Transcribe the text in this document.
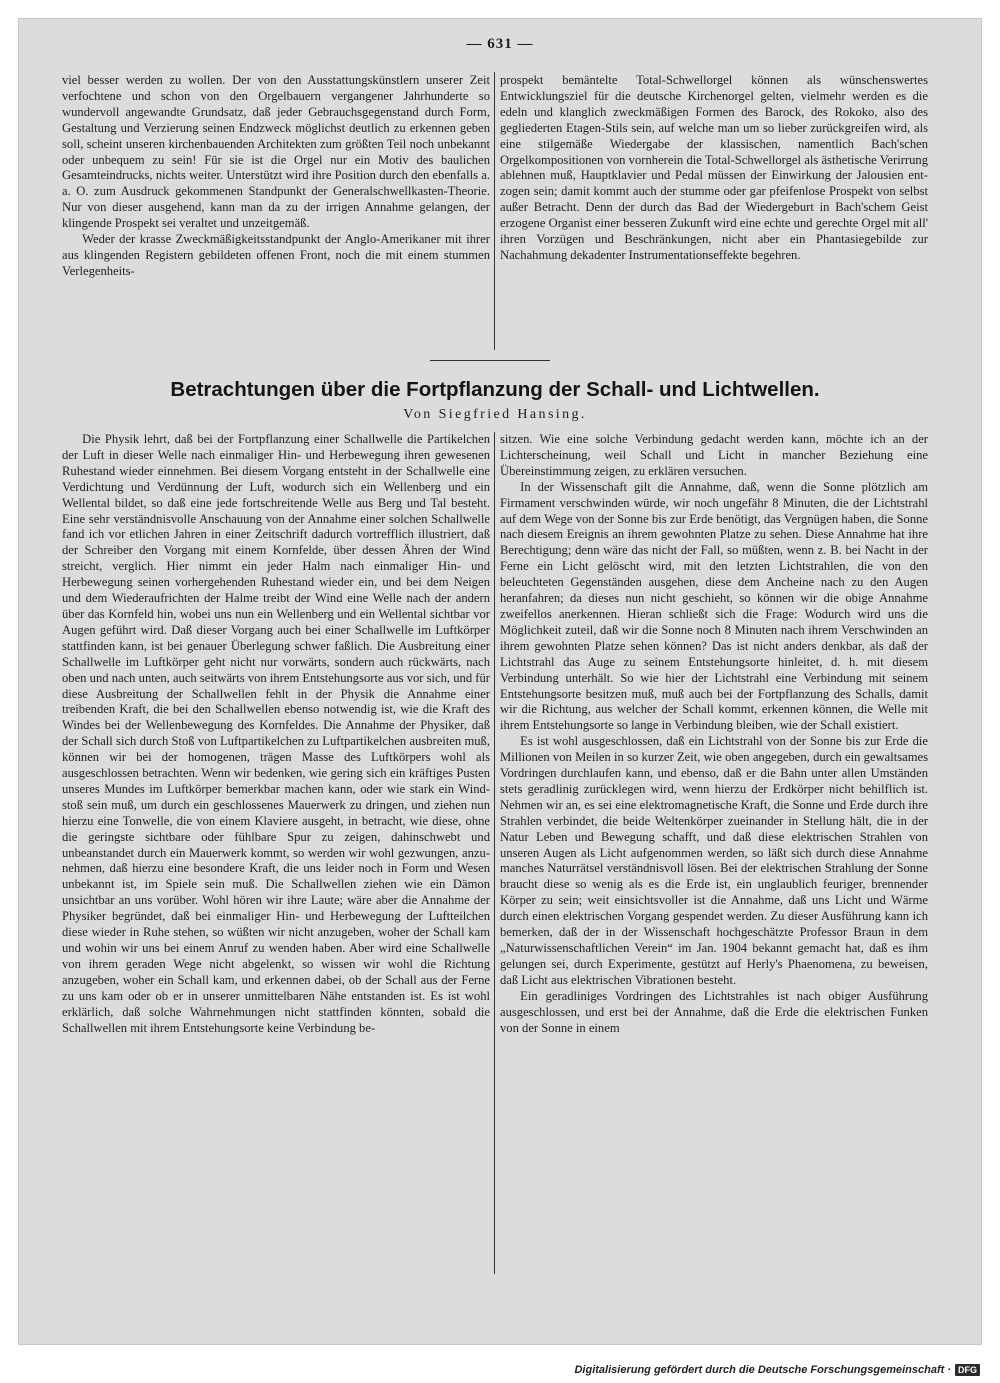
— 631 —

viel besser werden zu wollen. Der von den Ausstattungskünstlern unserer Zeit verfochtene und schon von den Orgelbauern vergangener Jahrhunderte so wundervoll angewandte Grundsatz, daß jeder Gebrauchsgegenstand durch Form, Gestaltung und Verzierung seinen Endzweck möglichst deutlich zu erkennen geben soll, scheint unseren kirchenbauenden Architekten zum größten Teil noch unbekannt oder unbequem zu sein! Für sie ist die Orgel nur ein Motiv des baulichen Gesamteindrucks, nichts weiter. Unterstützt wird ihre Position durch den ebenfalls a. a. O. zum Ausdruck gekommenen Standpunkt der Generalschwellkasten-Theorie. Nur von dieser ausgehend, kann man da zu der irrigen Annahme gelangen, der klingende Prospekt sei veraltet und unzeitgemäß.

Weder der krasse Zweckmäßigkeitsstandpunkt der Anglo-Amerikaner mit ihrer aus klingenden Registern gebildeten offenen Front, noch die mit einem stummen Verlegenheits-

prospekt bemäntelte Total-Schwellorgel können als wünschenswertes Entwicklungsziel für die deutsche Kirchenorgel gelten, vielmehr werden es die edeln und klanglich zweckmäßigen Formen des Barock, des Rokoko, also des gegliederten Etagen-Stils sein, auf welche man um so lieber zurückgreifen wird, als eine stilgemäße Wiedergabe der klassischen, namentlich Bach'schen Orgelkompositionen von vornherein die Total-Schwellorgel als ästhetische Verirrung ablehnen muß, Hauptklavier und Pedal müssen der Einwirkung der Jalousien entzogen sein; damit kommt auch der stumme oder gar pfeifenlose Prospekt von selbst außer Betracht. Denn der durch das Bad der Wiedergeburt in Bach'schem Geist erzogene Organist einer besseren Zukunft wird eine echte und gerechte Orgel mit all' ihren Vorzügen und Beschränkungen, nicht aber ein Phantasiegebilde zur Nachahmung dekadenter Instrumentationseffekte begehren.

Betrachtungen über die Fortpflanzung der Schall- und Lichtwellen.
Von Siegfried Hansing.

Die Physik lehrt, daß bei der Fortpflanzung einer Schallwelle die Partikelchen der Luft in dieser Welle nach einmaliger Hin- und Herbewegung ihren gewesenen Ruhestand wieder einnehmen. Bei diesem Vorgang entsteht in der Schallwelle eine Verdichtung und Verdünnung der Luft, wodurch sich ein Wellenberg und ein Wellental bildet, so daß eine jede fortschreitende Welle aus Berg und Tal besteht. Eine sehr verständnisvolle Anschauung von der Annahme einer solchen Schallwelle fand ich vor etlichen Jahren in einer Zeitschrift dadurch vortrefflich illustriert, daß der Schreiber den Vorgang mit einem Kornfelde, über dessen Ähren der Wind streicht, verglich. Hier nimmt ein jeder Halm nach einmaliger Hin- und Herbewegung seinen vorhergehenden Ruhestand wieder ein, und bei dem Neigen und dem Wiederaufrichten der Halme treibt der Wind eine Welle nach der andern über das Kornfeld hin, wobei uns nun ein Wellenberg und ein Wellental sichtbar vor Augen geführt wird. Daß dieser Vorgang auch bei einer Schallwelle im Luftkörper stattfinden kann, ist bei genauer Überlegung schwer faßlich. Die Ausbreitung einer Schallwelle im Luftkörper geht nicht nur vorwärts, sondern auch rückwärts, nach oben und nach unten, auch seitwärts von ihrem Entstehungsorte aus vor sich, und für diese Ausbreitung der Schallwellen fehlt in der Physik die Annahme einer treibenden Kraft, die bei den Schallwellen ebenso notwendig ist, wie die Kraft des Windes bei der Wellenbewegung des Kornfeldes. Die Annahme der Physiker, daß der Schall sich durch Stoß von Luftpartikelchen zu Luftpartikelchen ausbreiten muß, können wir bei der homogenen, trägen Masse des Luftkörpers wohl als ausgeschlossen betrachten. Wenn wir bedenken, wie gering sich ein kräftiges Pusten unseres Mundes im Luftkörper bemerkbar machen kann, oder wie stark ein Windstoß sein muß, um durch ein geschlossenes Mauerwerk zu dringen, und ziehen nun hierzu eine Tonwelle, die von einem Klaviere ausgeht, in betracht, wie diese, ohne die geringste sichtbare oder fühlbare Spur zu zeigen, dahinschwebt und unbeanstandet durch ein Mauerwerk kommt, so werden wir wohl gezwungen, anzunehmen, daß hierzu eine besondere Kraft, die uns leider noch in Form und Wesen unbekannt ist, im Spiele sein muß. Die Schallwellen ziehen wie ein Dämon unsichtbar an uns vorüber. Wohl hören wir ihre Laute; wäre aber die Annahme der Physiker begründet, daß bei einmaliger Hin- und Herbewegung der Luftteilchen diese wieder in Ruhe stehen, so wüßten wir nicht anzugeben, woher der Schall kam und wohin wir uns bei einem Anruf zu wenden haben. Aber wird eine Schallwelle von ihrem geraden Wege nicht abgelenkt, so wissen wir wohl die Richtung anzugeben, woher ein Schall kam, und erkennen dabei, ob der Schall aus der Ferne zu uns kam oder ob er in unserer unmittelbaren Nähe entstanden ist. Es ist wohl erklärlich, daß solche Wahrnehmungen nicht stattfinden könnten, sobald die Schallwellen mit ihrem Entstehungsorte keine Verbindung be-

sitzen. Wie eine solche Verbindung gedacht werden kann, möchte ich an der Lichterscheinung, weil Schall und Licht in mancher Beziehung eine Übereinstimmung zeigen, zu erklären versuchen.

In der Wissenschaft gilt die Annahme, daß, wenn die Sonne plötzlich am Firmament verschwinden würde, wir noch ungefähr 8 Minuten, die der Lichtstrahl auf dem Wege von der Sonne bis zur Erde benötigt, das Vergnügen haben, die Sonne nach diesem Ereignis an ihrem gewohnten Platze zu sehen. Diese Annahme hat ihre Berechtigung; denn wäre das nicht der Fall, so müßten, wenn z. B. bei Nacht in der Ferne ein Licht gelöscht wird, mit den letzten Lichtstrahlen, die von den beleuchteten Gegenständen ausgehen, diese dem Ancheine nach zu den Augen heranfahren; da dieses nun nicht geschieht, so können wir die obige Annahme zweifellos anerkennen. Hieran schließt sich die Frage: Wodurch wird uns die Möglichkeit zuteil, daß wir die Sonne noch 8 Minuten nach ihrem Verschwinden an ihrem gewohnten Platze sehen können? Das ist nicht anders denkbar, als daß der Lichtstrahl das Auge zu seinem Entstehungsorte hinleitet, d. h. mit diesem Verbindung unterhält. So wie hier der Lichtstrahl eine Verbindung mit seinem Entstehungsorte besitzen muß, muß auch bei der Fortpflanzung des Schalls, damit wir die Richtung, aus welcher der Schall kommt, erkennen können, die Welle mit ihrem Entstehungsorte so lange in Verbindung bleiben, wie der Schall existiert.

Es ist wohl ausgeschlossen, daß ein Lichtstrahl von der Sonne bis zur Erde die Millionen von Meilen in so kurzer Zeit, wie oben angegeben, durch ein gewaltsames Vordringen durchlaufen kann, und ebenso, daß er die Bahn unter allen Umständen stets geradlinig zurücklegen wird, wenn hierzu der Erdkörper nicht behilflich ist. Nehmen wir an, es sei eine elektromagnetische Kraft, die Sonne und Erde durch ihre Strahlen verbindet, die beide Weltenkörper zueinander in Stellung hält, die in der Natur Leben und Bewegung schafft, und daß diese elektrischen Strahlen von unseren Augen als Licht aufgenommen werden, so läßt sich durch diese Annahme manches Naturrätsel verständnisvoll lösen. Bei der elektrischen Strahlung der Sonne braucht diese so wenig als es die Erde ist, ein unglaublich feuriger, brennender Körper zu sein; weit einsichtsvoller ist die Annahme, daß uns Licht und Wärme durch einen elektrischen Vorgang gespendet werden. Zu dieser Ausführung kann ich bemerken, daß der in der Wissenschaft hochgeschätzte Professor Braun in dem „Naturwissenschaftlichen Verein“ im Jan. 1904 bekannt gemacht hat, daß es ihm gelungen sei, durch Experimente, gestützt auf Herly's Phaenomena, zu beweisen, daß Licht aus elektrischen Vibrationen besteht.

Ein geradliniges Vordringen des Lichtstrahles ist nach obiger Ausführung ausgeschlossen, und erst bei der Annahme, daß die Erde die elektrischen Funken von der Sonne in einem

Digitalisierung gefördert durch die Deutsche Forschungsgemeinschaft · DFG
